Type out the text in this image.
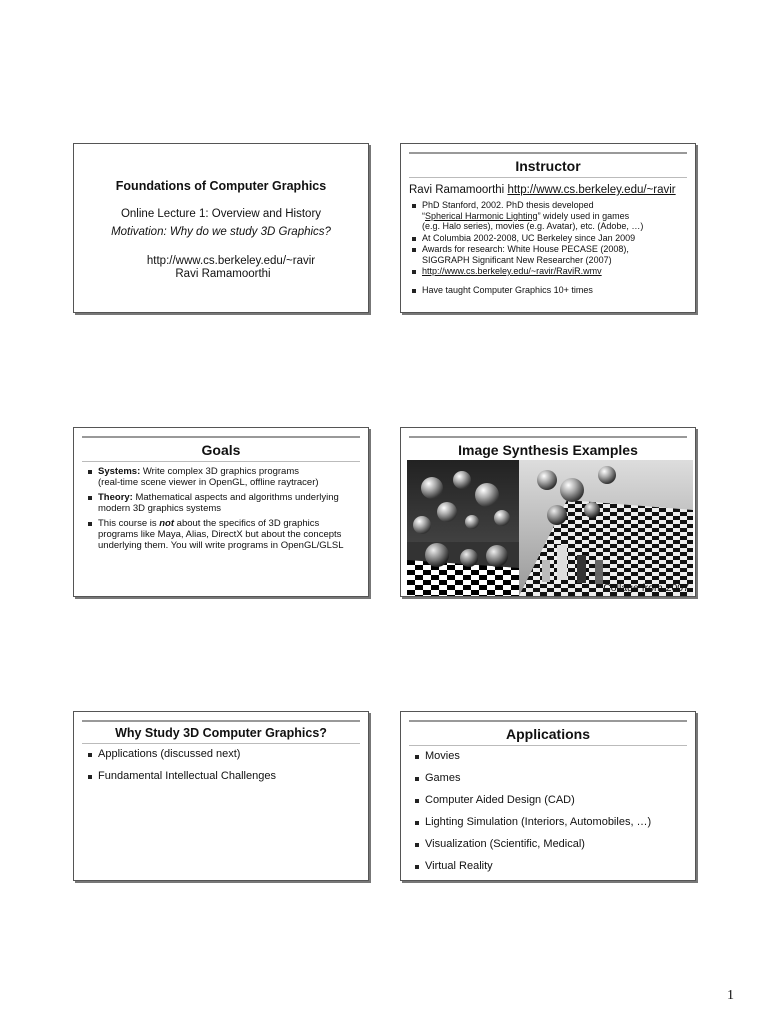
Foundations of Computer Graphics
Online Lecture 1: Overview and History
Motivation: Why do we study 3D Graphics?
http://www.cs.berkeley.edu/~ravir
Ravi Ramamoorthi
Instructor
Ravi Ramamoorthi http://www.cs.berkeley.edu/~ravir
PhD Stanford, 2002. PhD thesis developed
“Spherical Harmonic Lighting” widely used in games
(e.g. Halo series), movies (e.g. Avatar), etc. (Adobe, …)
At Columbia 2002-2008, UC Berkeley since Jan 2009
Awards for research: White House PECASE (2008),
SIGGRAPH Significant New Researcher (2007)
http://www.cs.berkeley.edu/~ravir/RaviR.wmv
Have taught Computer Graphics 10+ times
Goals
Systems: Write complex 3D graphics programs
(real-time scene viewer in OpenGL, offline raytracer)
Theory: Mathematical aspects and algorithms underlying modern 3D graphics systems
This course is not about the specifics of 3D graphics programs like Maya, Alias, DirectX but about the concepts underlying them. You will write programs in OpenGL/GLSL
Image Synthesis Examples
Collage from 2007
Why Study 3D Computer Graphics?
Applications (discussed next)
Fundamental Intellectual Challenges
Applications
Movies
Games
Computer Aided Design (CAD)
Lighting Simulation (Interiors, Automobiles, …)
Visualization (Scientific, Medical)
Virtual Reality
1
